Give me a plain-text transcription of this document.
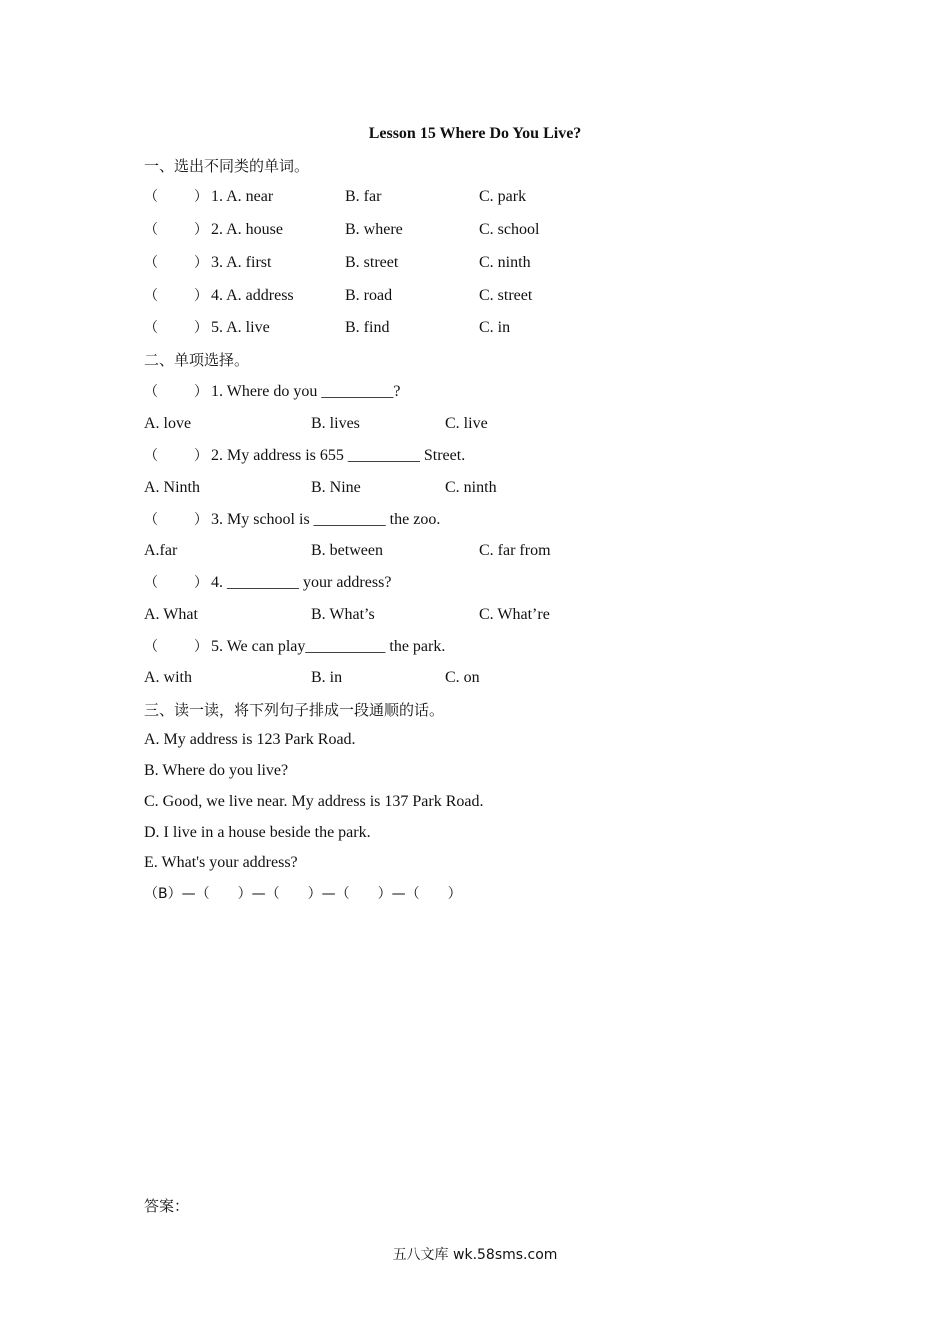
Lesson 15 Where Do You Live?
一、选出不同类的单词。
（	） 1. A. near	B. far	C. park
（	） 2. A. house	B. where	C. school
（	） 3. A. first	B. street	C. ninth
（	） 4. A. address	B. road	C. street
（	） 5. A. live	B. find	C. in
二、单项选择。
（	） 1. Where do you _________?
A. love	B. lives	C. live
（	） 2. My address is 655 _________ Street.
A. Ninth	B. Nine	C. ninth
（	） 3. My school is _________ the zoo.
A.far	B. between	C. far from
（	） 4. _________ your address?
A. What	B. What’s	C. What’re
（	） 5. We can play__________ the park.
A. with	B. in	C. on
三、读一读，将下列句子排成一段通顺的话。
A. My address is 123 Park Road.
B. Where do you live?
C. Good, we live near. My address is 137 Park Road.
D. I live in a house beside the park.
E. What's your address?
（B）—（　　）—（　　）—（　　）—（　　）
答案：
五八文库 wk.58sms.com
